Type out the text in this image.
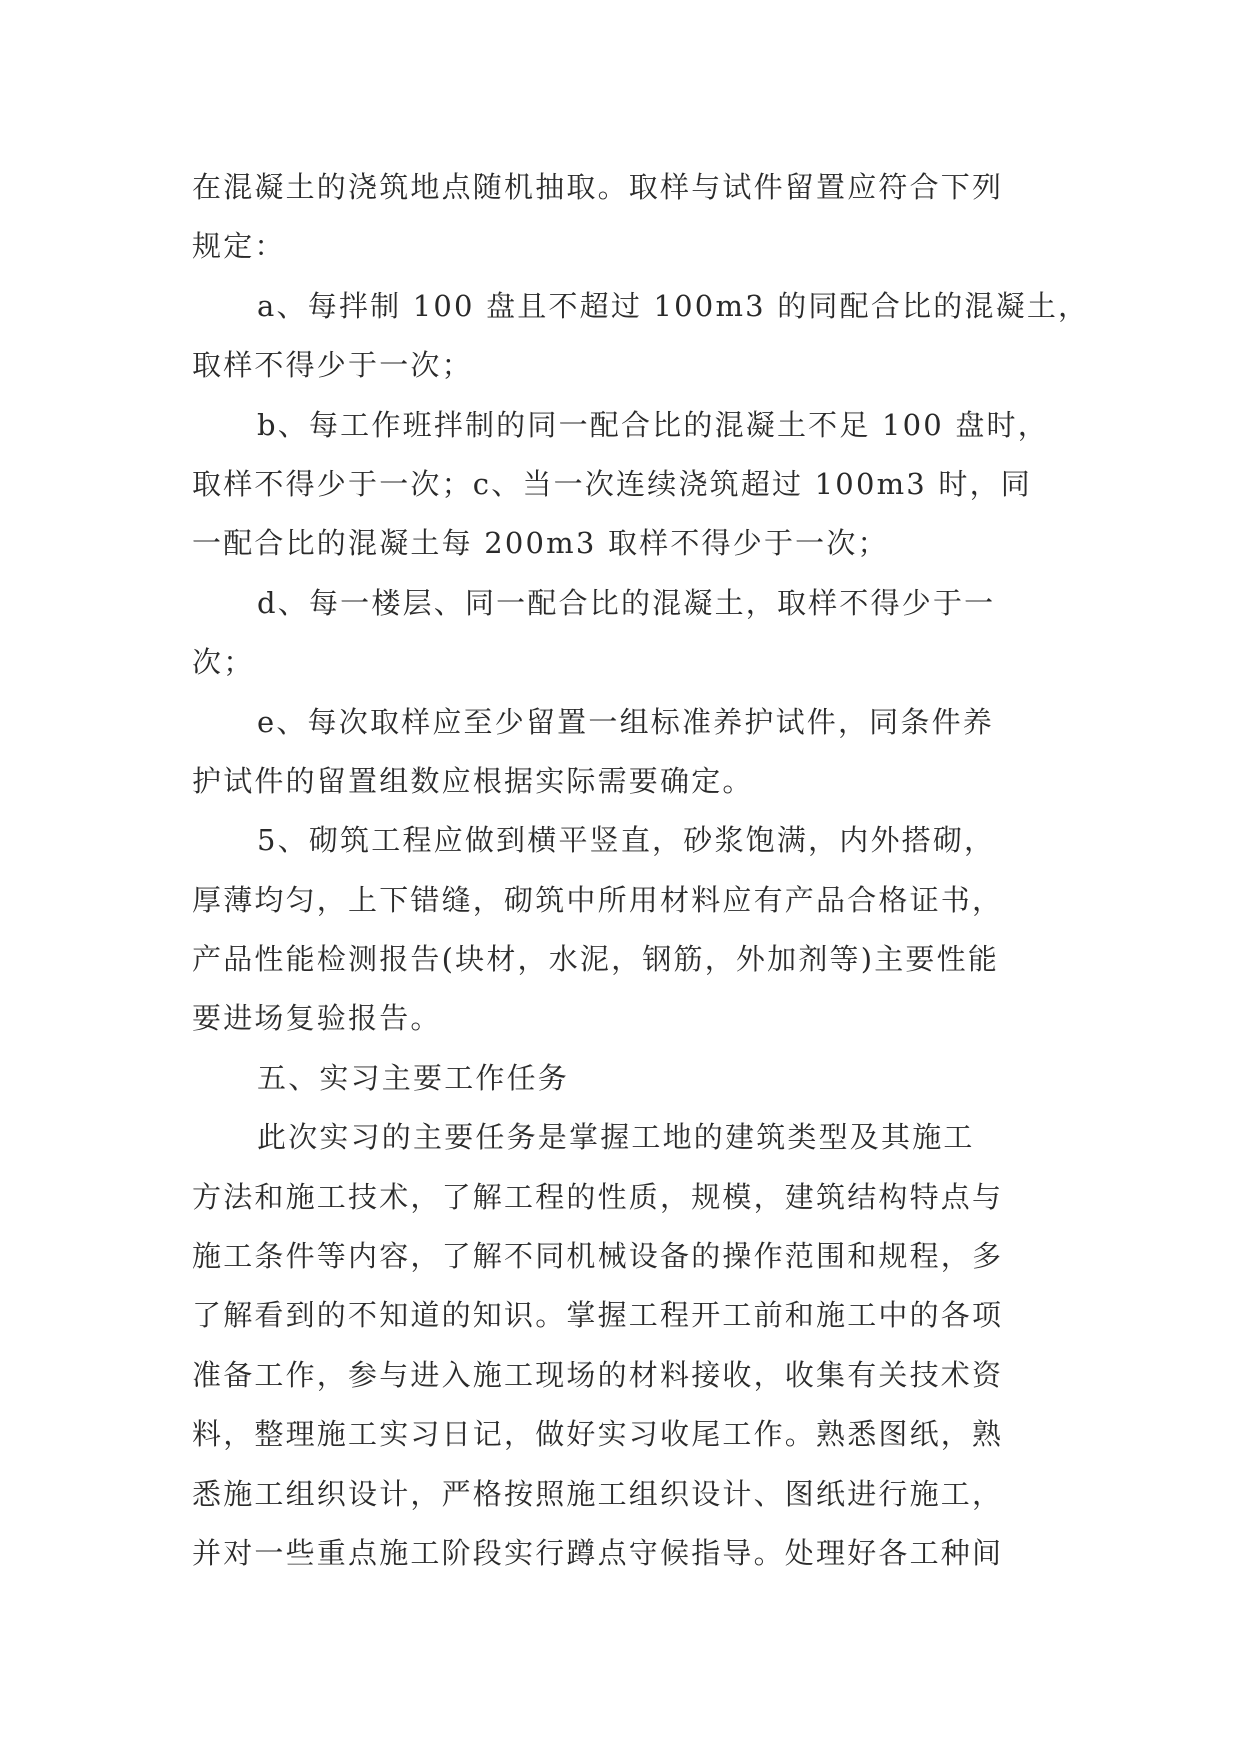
在混凝土的浇筑地点随机抽取。取样与试件留置应符合下列
规定：
a、每拌制 100 盘且不超过 100m3 的同配合比的混凝土，
取样不得少于一次；
b、每工作班拌制的同一配合比的混凝土不足 100 盘时，
取样不得少于一次；c、当一次连续浇筑超过 100m3 时，同
一配合比的混凝土每 200m3 取样不得少于一次；
d、每一楼层、同一配合比的混凝土，取样不得少于一
次；
e、每次取样应至少留置一组标准养护试件，同条件养
护试件的留置组数应根据实际需要确定。
5、砌筑工程应做到横平竖直，砂浆饱满，内外搭砌，
厚薄均匀，上下错缝，砌筑中所用材料应有产品合格证书，
产品性能检测报告(块材，水泥，钢筋，外加剂等)主要性能
要进场复验报告。
五、实习主要工作任务
此次实习的主要任务是掌握工地的建筑类型及其施工
方法和施工技术，了解工程的性质，规模，建筑结构特点与
施工条件等内容，了解不同机械设备的操作范围和规程，多
了解看到的不知道的知识。掌握工程开工前和施工中的各项
准备工作，参与进入施工现场的材料接收，收集有关技术资
料，整理施工实习日记，做好实习收尾工作。熟悉图纸，熟
悉施工组织设计，严格按照施工组织设计、图纸进行施工，
并对一些重点施工阶段实行蹲点守候指导。处理好各工种间
